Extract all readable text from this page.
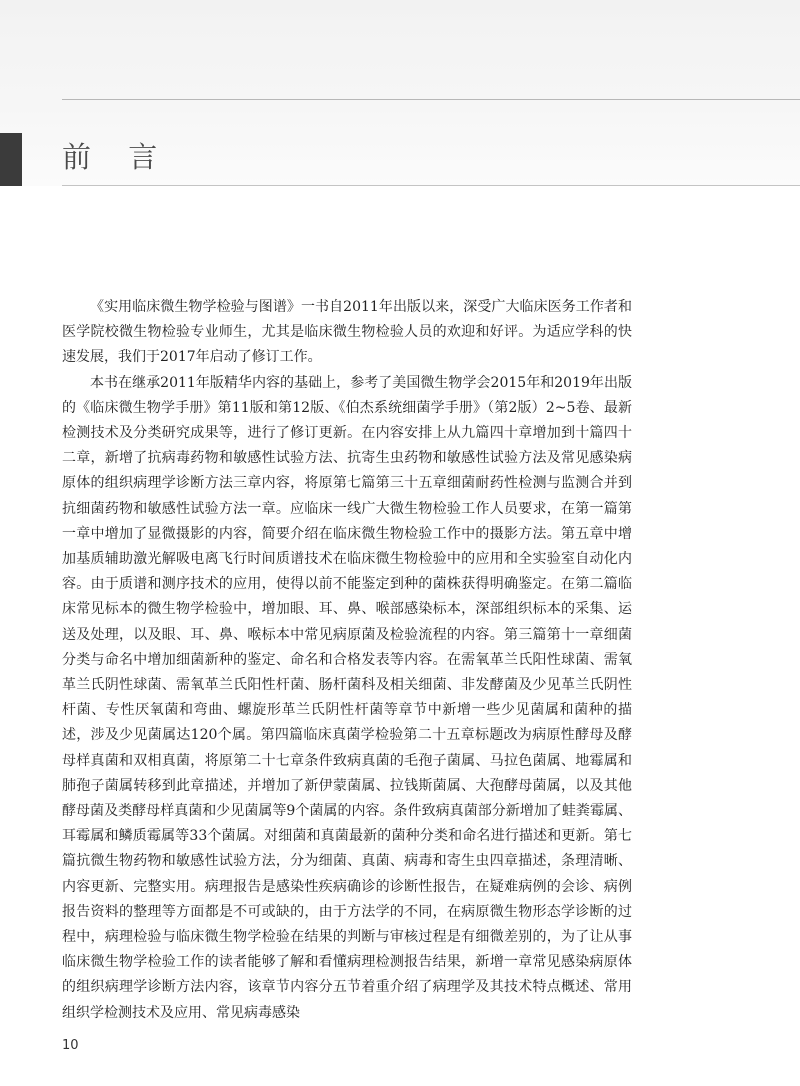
前 言

《实用临床微生物学检验与图谱》一书自2011年出版以来，深受广大临床医务工作者和医学院校微生物检验专业师生，尤其是临床微生物检验人员的欢迎和好评。为适应学科的快速发展，我们于2017年启动了修订工作。

本书在继承2011年版精华内容的基础上，参考了美国微生物学会2015年和2019年出版的《临床微生物学手册》第11版和第12版、《伯杰系统细菌学手册》（第2版）2~5卷、最新检测技术及分类研究成果等，进行了修订更新。在内容安排上从九篇四十章增加到十篇四十二章，新增了抗病毒药物和敏感性试验方法、抗寄生虫药物和敏感性试验方法及常见感染病原体的组织病理学诊断方法三章内容，将原第七篇第三十五章细菌耐药性检测与监测合并到抗细菌药物和敏感性试验方法一章。应临床一线广大微生物检验工作人员要求，在第一篇第一章中增加了显微摄影的内容，简要介绍在临床微生物检验工作中的摄影方法。第五章中增加基质辅助激光解吸电离飞行时间质谱技术在临床微生物检验中的应用和全实验室自动化内容。由于质谱和测序技术的应用，使得以前不能鉴定到种的菌株获得明确鉴定。在第二篇临床常见标本的微生物学检验中，增加眼、耳、鼻、喉部感染标本，深部组织标本的采集、运送及处理，以及眼、耳、鼻、喉标本中常见病原菌及检验流程的内容。第三篇第十一章细菌分类与命名中增加细菌新种的鉴定、命名和合格发表等内容。在需氧革兰氏阳性球菌、需氧革兰氏阴性球菌、需氧革兰氏阳性杆菌、肠杆菌科及相关细菌、非发酵菌及少见革兰氏阴性杆菌、专性厌氧菌和弯曲、螺旋形革兰氏阴性杆菌等章节中新增一些少见菌属和菌种的描述，涉及少见菌属达120个属。第四篇临床真菌学检验第二十五章标题改为病原性酵母及酵母样真菌和双相真菌，将原第二十七章条件致病真菌的毛孢子菌属、马拉色菌属、地霉属和肺孢子菌属转移到此章描述，并增加了新伊蒙菌属、拉钱斯菌属、大孢酵母菌属，以及其他酵母菌及类酵母样真菌和少见菌属等9个菌属的内容。条件致病真菌部分新增加了蛙粪霉属、耳霉属和鳞质霉属等33个菌属。对细菌和真菌最新的菌种分类和命名进行描述和更新。第七篇抗微生物药物和敏感性试验方法，分为细菌、真菌、病毒和寄生虫四章描述，条理清晰、内容更新、完整实用。病理报告是感染性疾病确诊的诊断性报告，在疑难病例的会诊、病例报告资料的整理等方面都是不可或缺的，由于方法学的不同，在病原微生物形态学诊断的过程中，病理检验与临床微生物学检验在结果的判断与审核过程是有细微差别的，为了让从事临床微生物学检验工作的读者能够了解和看懂病理检测报告结果，新增一章常见感染病原体的组织病理学诊断方法内容，该章节内容分五节着重介绍了病理学及其技术特点概述、常用组织学检测技术及应用、常见病毒感染

10
